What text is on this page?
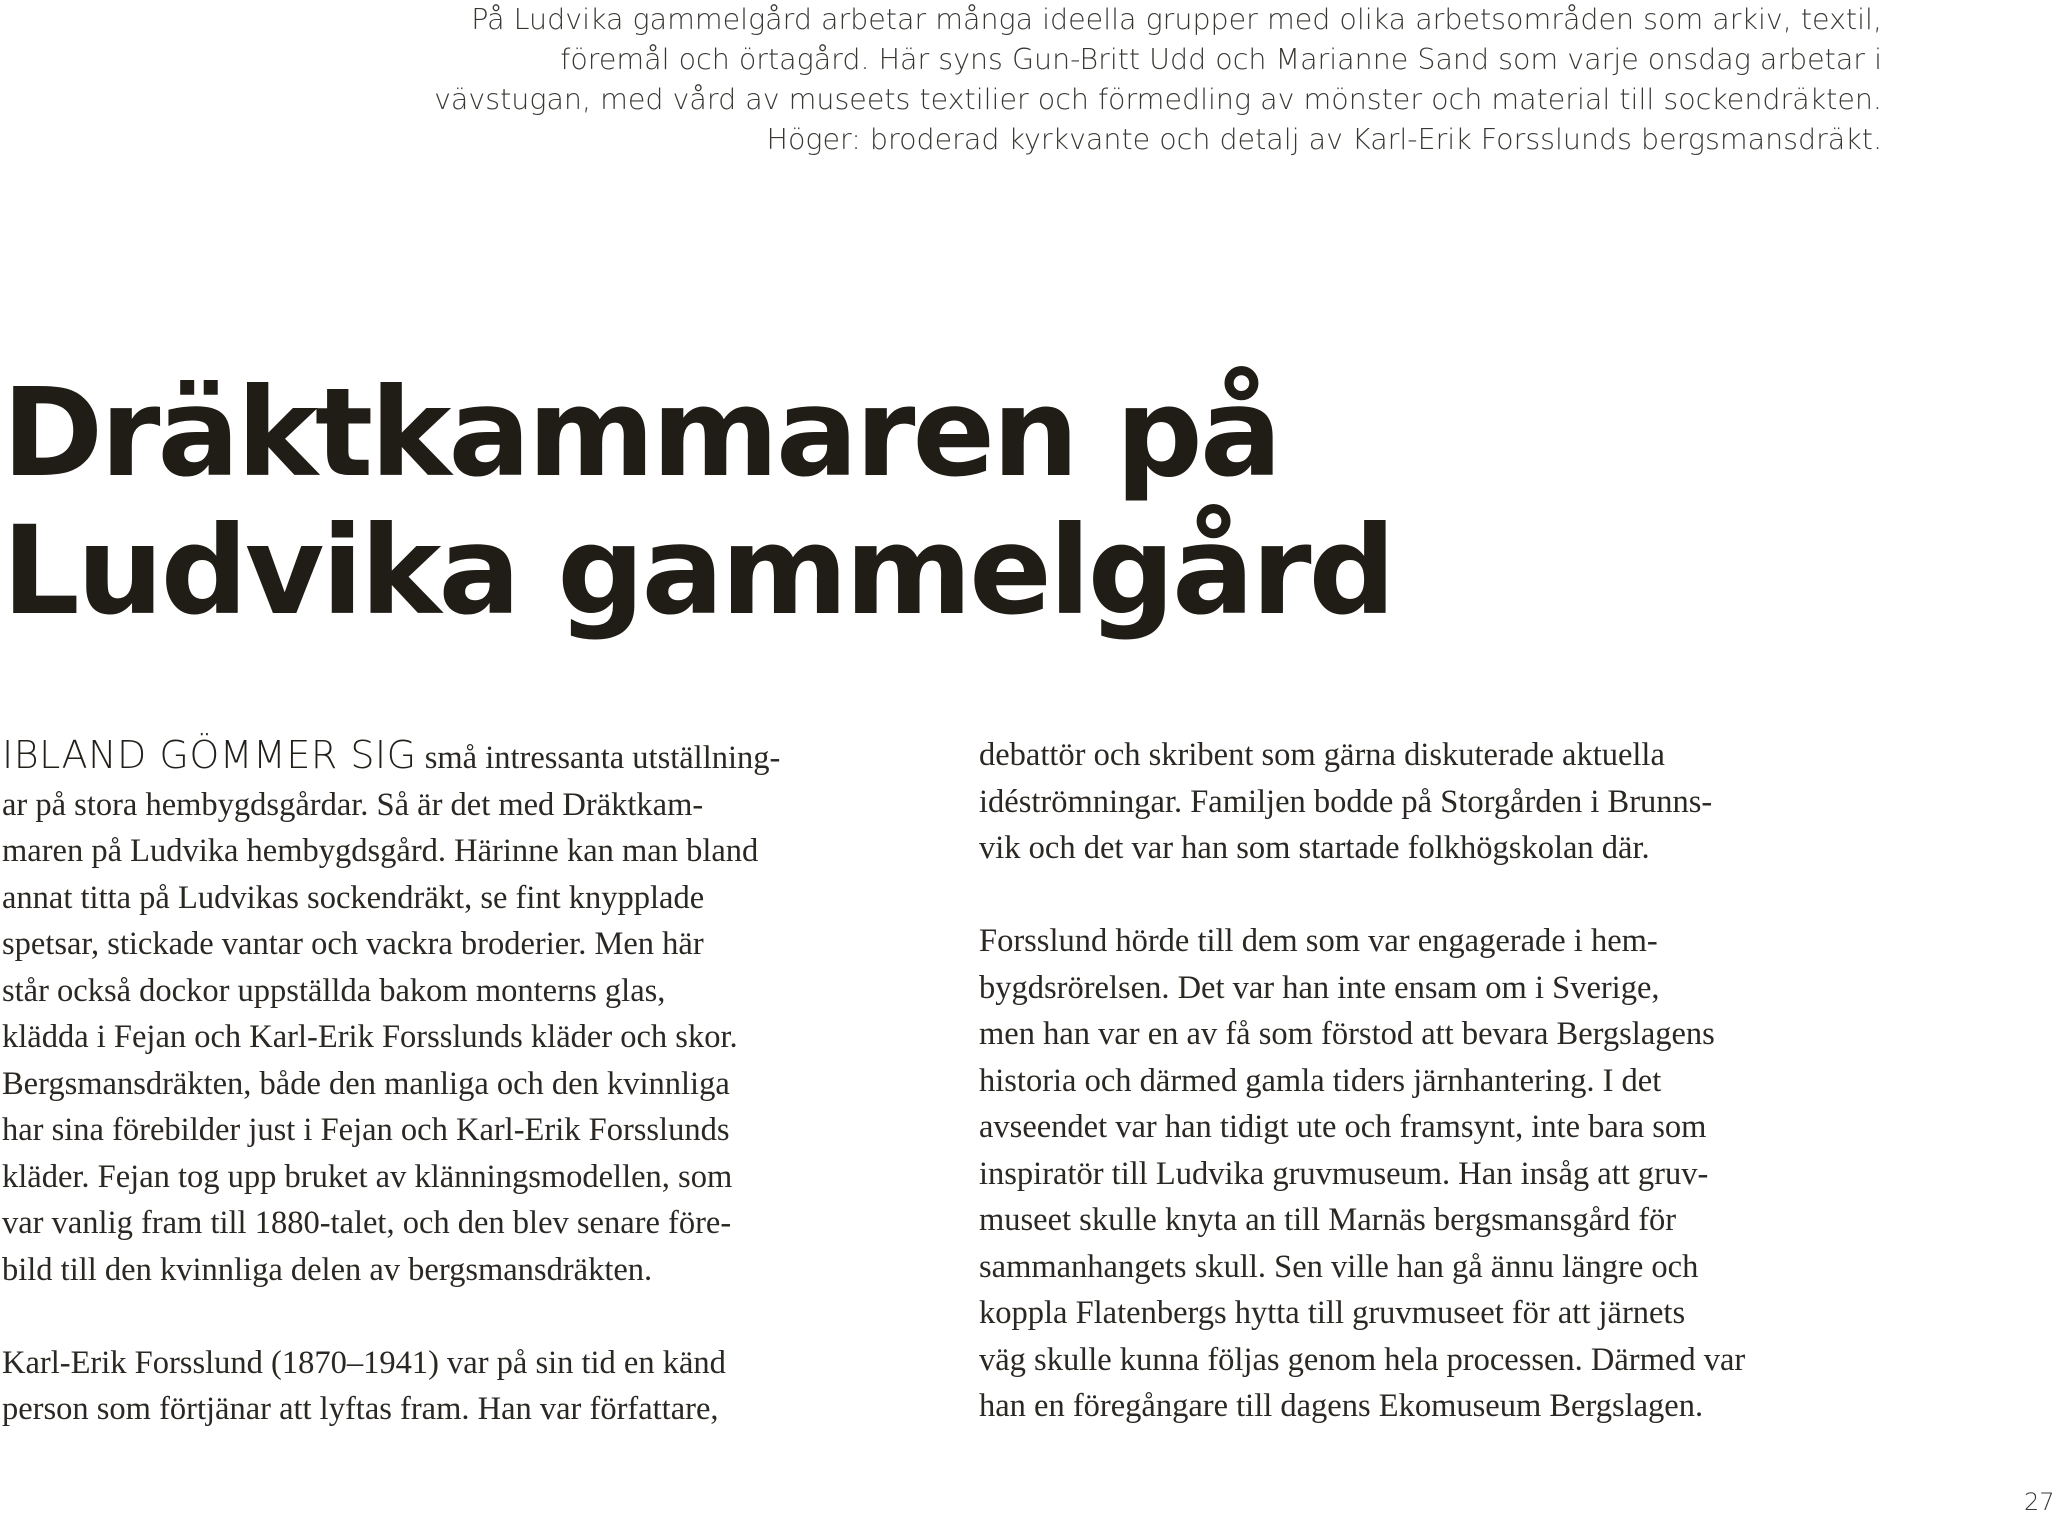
På Ludvika gammelgård arbetar många ideella grupper med olika arbetsområden som arkiv, textil,
föremål och örtagård. Här syns Gun-Britt Udd och Marianne Sand som varje onsdag arbetar i
vävstugan, med vård av museets textilier och förmedling av mönster och material till sockendräkten.
Höger: broderad kyrkvante och detalj av Karl-Erik Forsslunds bergsmansdräkt.
Dräktkammaren på
Ludvika gammelgård

IBLAND GÖMMER SIG små intressanta utställning-
ar på stora hembygdsgårdar. Så är det med Dräktkam-
maren på Ludvika hembygdsgård. Härinne kan man bland
annat titta på Ludvikas sockendräkt, se fint knypplade
spetsar, stickade vantar och vackra broderier. Men här
står också dockor uppställda bakom monterns glas,
klädda i Fejan och Karl-Erik Forsslunds kläder och skor.
Bergsmansdräkten, både den manliga och den kvinnliga
har sina förebilder just i Fejan och Karl-Erik Forsslunds
kläder. Fejan tog upp bruket av klänningsmodellen, som
var vanlig fram till 1880-talet, och den blev senare före-
bild till den kvinnliga delen av bergsmansdräkten.

Karl-Erik Forsslund (1870–1941) var på sin tid en känd
person som förtjänar att lyftas fram. Han var författare,

debattör och skribent som gärna diskuterade aktuella
idéströmningar. Familjen bodde på Storgården i Brunns-
vik och det var han som startade folkhögskolan där.

Forsslund hörde till dem som var engagerade i hem-
bygdsrörelsen. Det var han inte ensam om i Sverige,
men han var en av få som förstod att bevara Bergslagens
historia och därmed gamla tiders järnhantering. I det
avseendet var han tidigt ute och framsynt, inte bara som
inspiratör till Ludvika gruvmuseum. Han insåg att gruv-
museet skulle knyta an till Marnäs bergsmansgård för
sammanhangets skull. Sen ville han gå ännu längre och
koppla Flatenbergs hytta till gruvmuseet för att järnets
väg skulle kunna följas genom hela processen. Därmed var
han en föregångare till dagens Ekomuseum Bergslagen.

27
